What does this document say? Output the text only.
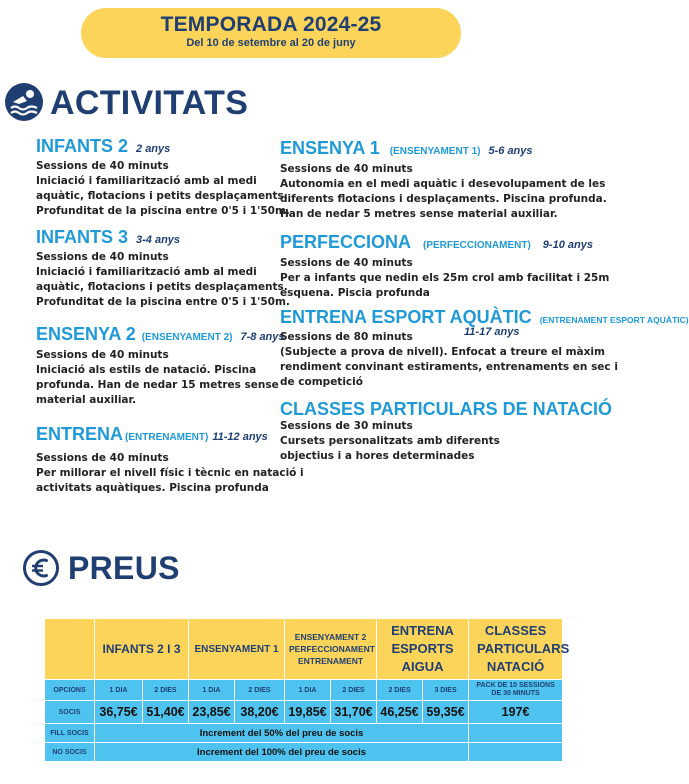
TEMPORADA 2024-25
Del 10 de setembre al 20 de juny
ACTIVITATS
INFANTS 2 2 anys
Sessions de 40 minuts
Iniciació i familiarització amb al medi
aquàtic, flotacions i petits desplaçaments.
Profunditat de la piscina entre 0'5 i 1'50m.
INFANTS 3 3-4 anys
Sessions de 40 minuts
Iniciació i familiarització amb al medi
aquàtic, flotacions i petits desplaçaments.
Profunditat de la piscina entre 0'5 i 1'50m.
ENSENYA 2 (ENSENYAMENT 2) 7-8 anys
Sessions de 40 minuts
Iniciació als estils de natació. Piscina
profunda. Han de nedar 15 metres sense
material auxiliar.
ENTRENA (ENTRENAMENT) 11-12 anys
Sessions de 40 minuts
Per millorar el nivell físic i tècnic en natació i
activitats aquàtiques. Piscina profunda
ENSENYA 1 (ENSENYAMENT 1) 5-6 anys
Sessions de 40 minuts
Autonomia en el medi aquàtic i desevolupament de les
diferents flotacions i desplaçaments. Piscina profunda.
Han de nedar 5 metres sense material auxiliar.
PERFECCIONA (PERFECCIONAMENT) 9-10 anys
Sessions de 40 minuts
Per a infants que nedin els 25m crol amb facilitat i 25m
esquena. Piscia profunda
ENTRENA ESPORT AQUÀTIC (ENTRENAMENT ESPORT AQUÀTIC)
Sessions de 80 minuts
(Subjecte a prova de nivell). Enfocat a treure el màxim
rendiment convinant estiraments, entrenaments en sec i
de competició
11-17 anys
CLASSES PARTICULARS DE NATACIÓ
Sessions de 30 minuts
Cursets personalitzats amb diferents
objectius i a hores determinades
PREUS
	INFANTS 2 I 3		ENSENYAMENT 1		ENSENYAMENT 2 PERFECCIONAMENT ENTRENAMENT		ENTRENA ESPORTS AIGUA		CLASSES PARTICULARS NATACIÓ
OPCIONS	1 DIA	2 DIES	1 DIA	2 DIES	1 DIA	2 DIES	2 DIES	3 DIES	PACK DE 10 SESSIONS DE 30 MINUTS
SOCIS	36,75€	51,40€	23,85€	38,20€	19,85€	31,70€	46,25€	59,35€	197€
FILL SOCIS	Increment del 50% del preu de socis								
NO SOCIS	Increment del 100% del preu de socis								
